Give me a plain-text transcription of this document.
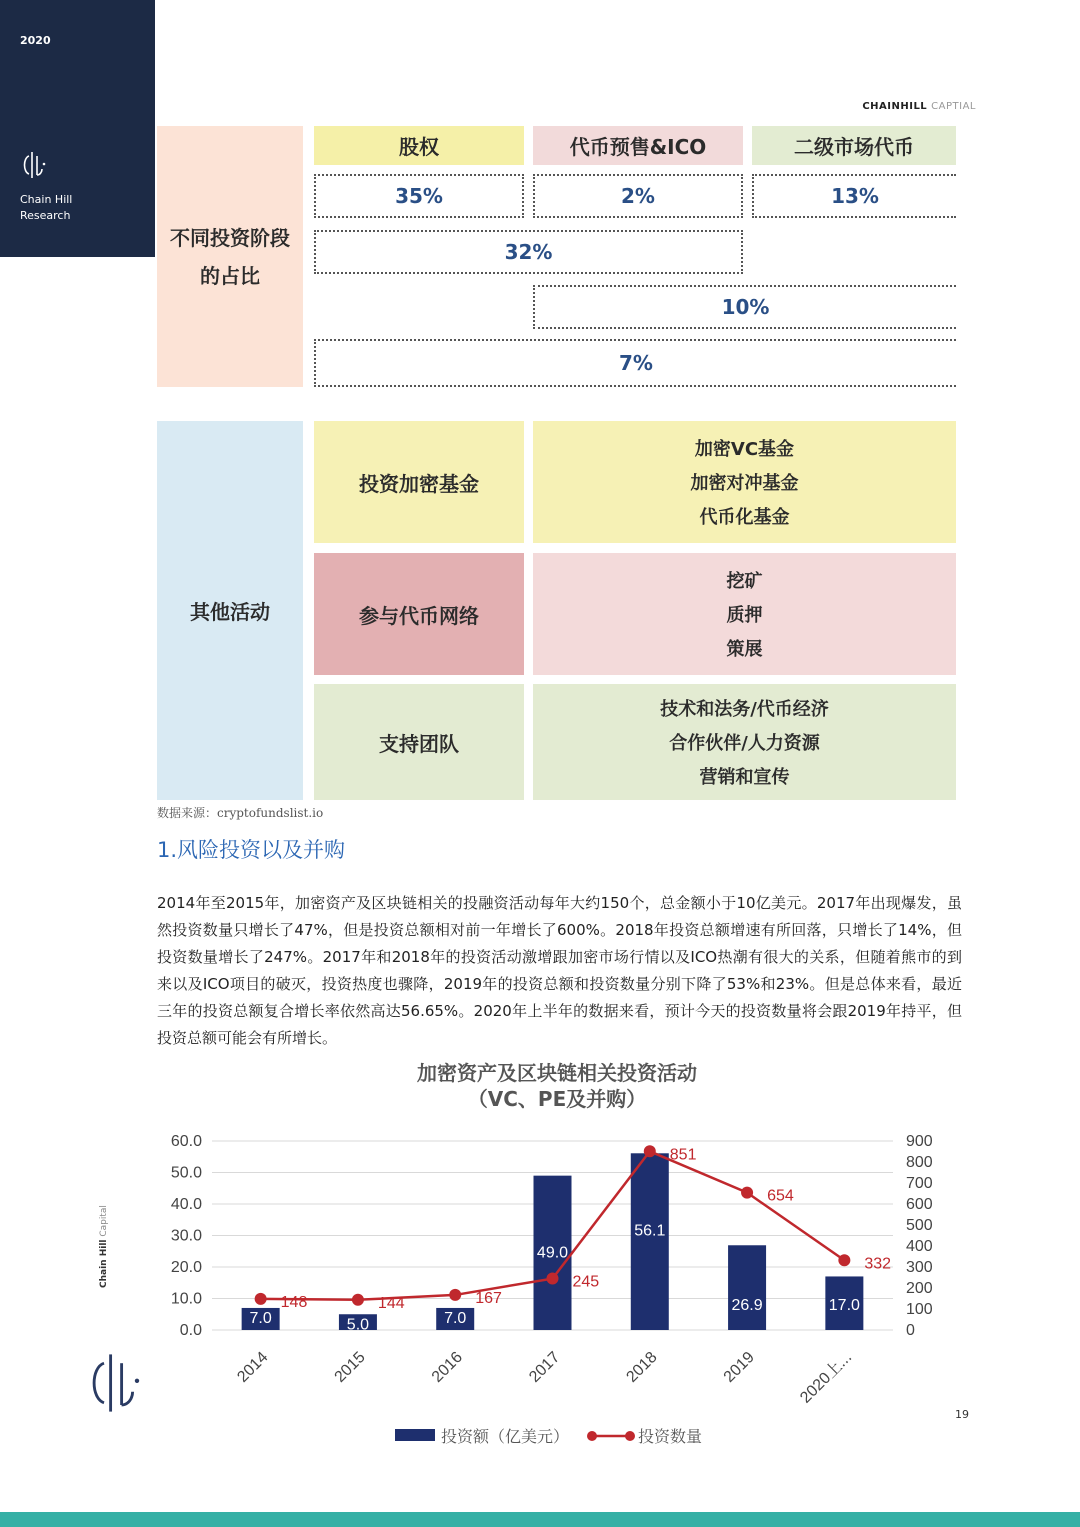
2020
Chain Hill
Research
CHAINHILL CAPTIAL
不同投资阶段
的占比
股权	代币预售&ICO	二级市场代币
35%	2%	13%
32%
10%
7%
其他活动
投资加密基金
加密VC基金
加密对冲基金
代币化基金
参与代币网络
挖矿
质押
策展
支持团队
技术和法务/代币经济
合作伙伴/人力资源
营销和宣传
数据来源：cryptofundslist.io
1.风险投资以及并购
2014年至2015年，加密资产及区块链相关的投融资活动每年大约150个，总金额小于10亿美元。2017年出现爆发，虽然投资数量只增长了47%，但是投资总额相对前一年增长了600%。2018年投资总额增速有所回落，只增长了14%，但投资数量增长了247%。2017年和2018年的投资活动激增跟加密市场行情以及ICO热潮有很大的关系，但随着熊市的到来以及ICO项目的破灭，投资热度也骤降，2019年的投资总额和投资数量分别下降了53%和23%。但是总体来看，最近三年的投资总额复合增长率依然高达56.65%。2020年上半年的数据来看，预计今天的投资数量将会跟2019年持平，但投资总额可能会有所增长。
加密资产及区块链相关投资活动
（VC、PE及并购）
0.0
10.0
20.0
30.0
40.0
50.0
60.0
0
100
200
300
400
500
600
700
800
900
7.0	5.0	7.0
49.0
56.1
26.9	17.0
148	144	167
245
851
654
332
2014	2015	2016	2017	2018	2019 2020上...
投资额（亿美元）	投资数量
Chain Hill Capital
19
